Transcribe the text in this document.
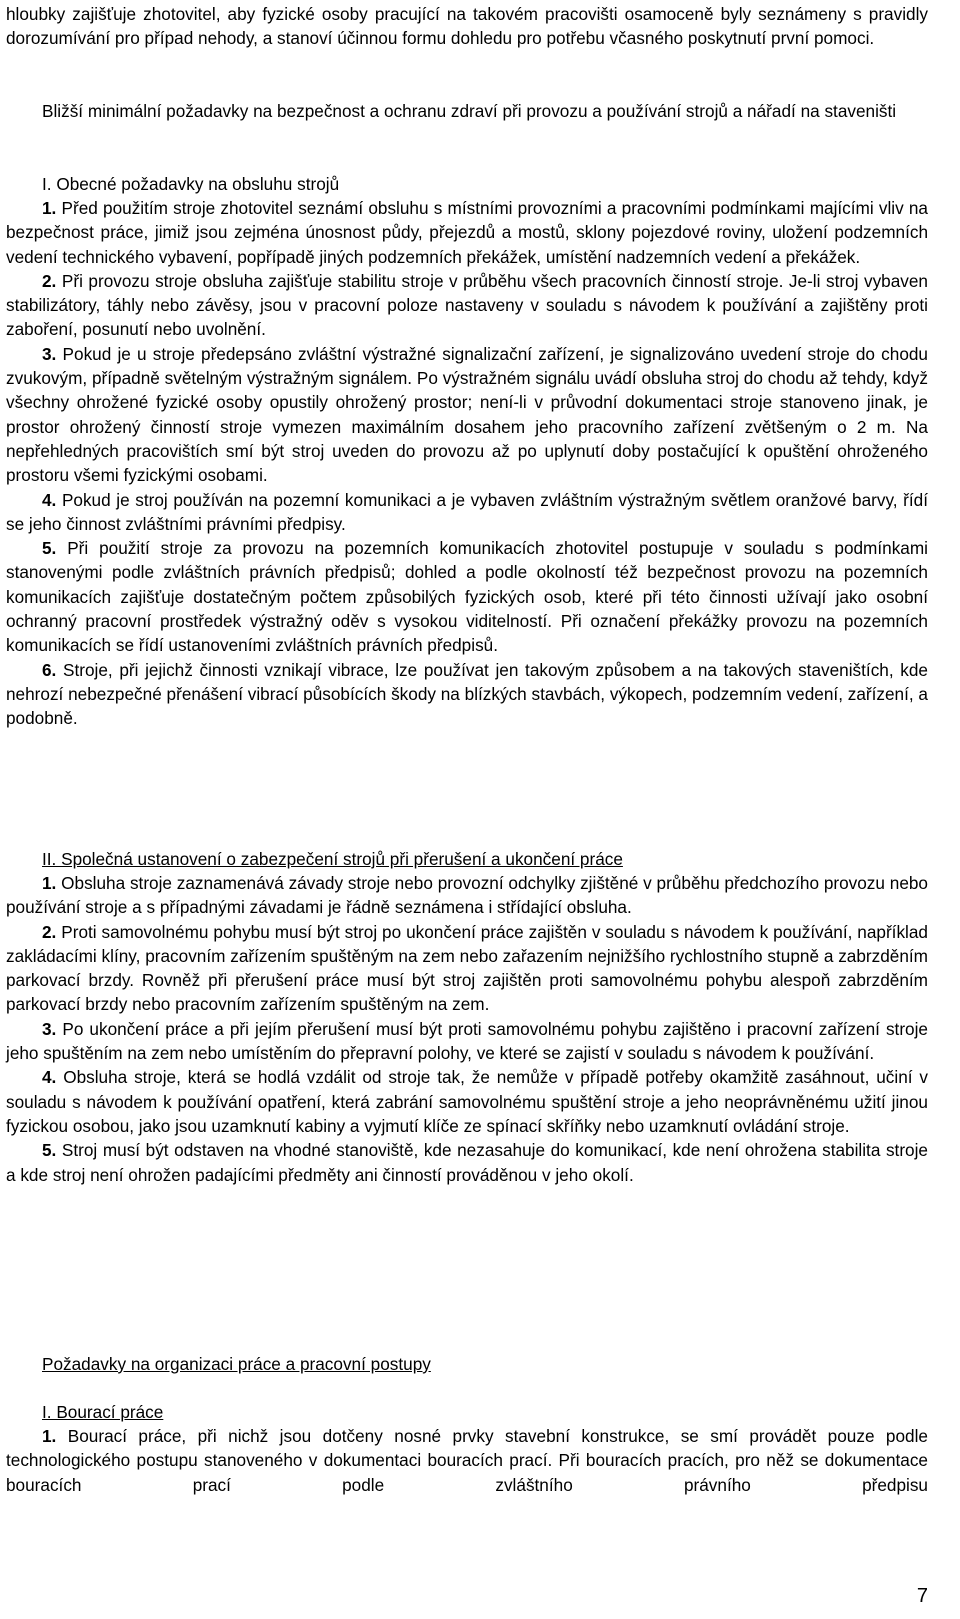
hloubky zajišťuje zhotovitel, aby fyzické osoby pracující na takovém pracovišti osamoceně byly seznámeny s pravidly dorozumívání pro případ nehody, a stanoví účinnou formu dohledu pro potřebu včasného poskytnutí první pomoci.

Bližší minimální požadavky na bezpečnost a ochranu zdraví při provozu a používání strojů a nářadí na staveništi

I. Obecné požadavky na obsluhu strojů

1. Před použitím stroje zhotovitel seznámí obsluhu s místními provozními a pracovními podmínkami majícími vliv na bezpečnost práce, jimiž jsou zejména únosnost půdy, přejezdů a mostů, sklony pojezdové roviny, uložení podzemních vedení technického vybavení, popřípadě jiných podzemních překážek, umístění nadzemních vedení a překážek.

2. Při provozu stroje obsluha zajišťuje stabilitu stroje v průběhu všech pracovních činností stroje. Je-li stroj vybaven stabilizátory, táhly nebo závěsy, jsou v pracovní poloze nastaveny v souladu s návodem k používání a zajištěny proti zaboření, posunutí nebo uvolnění.

3. Pokud je u stroje předepsáno zvláštní výstražné signalizační zařízení, je signalizováno uvedení stroje do chodu zvukovým, případně světelným výstražným signálem. Po výstražném signálu uvádí obsluha stroj do chodu až tehdy, když všechny ohrožené fyzické osoby opustily ohrožený prostor; není-li v průvodní dokumentaci stroje stanoveno jinak, je prostor ohrožený činností stroje vymezen maximálním dosahem jeho pracovního zařízení zvětšeným o 2 m. Na nepřehledných pracovištích smí být stroj uveden do provozu až po uplynutí doby postačující k opuštění ohroženého prostoru všemi fyzickými osobami.

4. Pokud je stroj používán na pozemní komunikaci a je vybaven zvláštním výstražným světlem oranžové barvy, řídí se jeho činnost zvláštními právními předpisy.

5. Při použití stroje za provozu na pozemních komunikacích zhotovitel postupuje v souladu s podmínkami stanovenými podle zvláštních právních předpisů; dohled a podle okolností též bezpečnost provozu na pozemních komunikacích zajišťuje dostatečným počtem způsobilých fyzických osob, které při této činnosti užívají jako osobní ochranný pracovní prostředek výstražný oděv s vysokou viditelností. Při označení překážky provozu na pozemních komunikacích se řídí ustanoveními zvláštních právních předpisů.

6. Stroje, při jejichž činnosti vznikají vibrace, lze používat jen takovým způsobem a na takových staveništích, kde nehrozí nebezpečné přenášení vibrací působících škody na blízkých stavbách, výkopech, podzemním vedení, zařízení, a podobně.

II. Společná ustanovení o zabezpečení strojů při přerušení a ukončení práce

1. Obsluha stroje zaznamenává závady stroje nebo provozní odchylky zjištěné v průběhu předchozího provozu nebo používání stroje a s případnými závadami je řádně seznámena i střídající obsluha.

2. Proti samovolnému pohybu musí být stroj po ukončení práce zajištěn v souladu s návodem k používání, například zakládacími klíny, pracovním zařízením spuštěným na zem nebo zařazením nejnižšího rychlostního stupně a zabrzděním parkovací brzdy. Rovněž při přerušení práce musí být stroj zajištěn proti samovolnému pohybu alespoň zabrzděním parkovací brzdy nebo pracovním zařízením spuštěným na zem.

3. Po ukončení práce a při jejím přerušení musí být proti samovolnému pohybu zajištěno i pracovní zařízení stroje jeho spuštěním na zem nebo umístěním do přepravní polohy, ve které se zajistí v souladu s návodem k používání.

4. Obsluha stroje, která se hodlá vzdálit od stroje tak, že nemůže v případě potřeby okamžitě zasáhnout, učiní v souladu s návodem k používání opatření, která zabrání samovolnému spuštění stroje a jeho neoprávněnému užití jinou fyzickou osobou, jako jsou uzamknutí kabiny a vyjmutí klíče ze spínací skříňky nebo uzamknutí ovládání stroje.

5. Stroj musí být odstaven na vhodné stanoviště, kde nezasahuje do komunikací, kde není ohrožena stabilita stroje a kde stroj není ohrožen padajícími předměty ani činností prováděnou v jeho okolí.

Požadavky na organizaci práce a pracovní postupy

I. Bourací práce

1. Bourací práce, při nichž jsou dotčeny nosné prvky stavební konstrukce, se smí provádět pouze podle technologického postupu stanoveného v dokumentaci bouracích prací. Při bouracích pracích, pro něž se dokumentace bouracích prací podle zvláštního právního předpisu

7
